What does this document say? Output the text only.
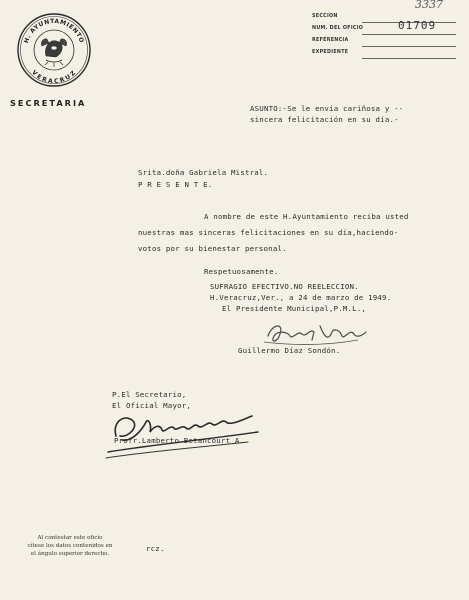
H. AYUNTAMIENTO
VERACRUZ
SECRETARIA
SECCION
NUM. DEL OFICIO	01709
REFERENCIA
EXPEDIENTE
3337
ASUNTO:-Se le envía cariñosa y --
sincera felicitación en su día.-
Srita.doña Gabriela Mistral.
P R E S E N T E.
A nombre de este H.Ayuntamiento reciba usted
nuestras mas sinceras felicitaciones en su día,haciendo-
votos por su bienestar personal.
Respetuosamente.
SUFRAGIO EFECTIVO.NO REELECCION.
H.Veracruz,Ver., a 24 de marzo de 1949.
El Presidente Municipal,P.M.L.,
Guillermo Díaz Sondón.
P.El Secretario,
El Oficial Mayor,
Profr.Lamberto Betancourt A.
Al contestar este oficio
cítese los datos contenidos en
el ángulo superior derecho.
rcz.
